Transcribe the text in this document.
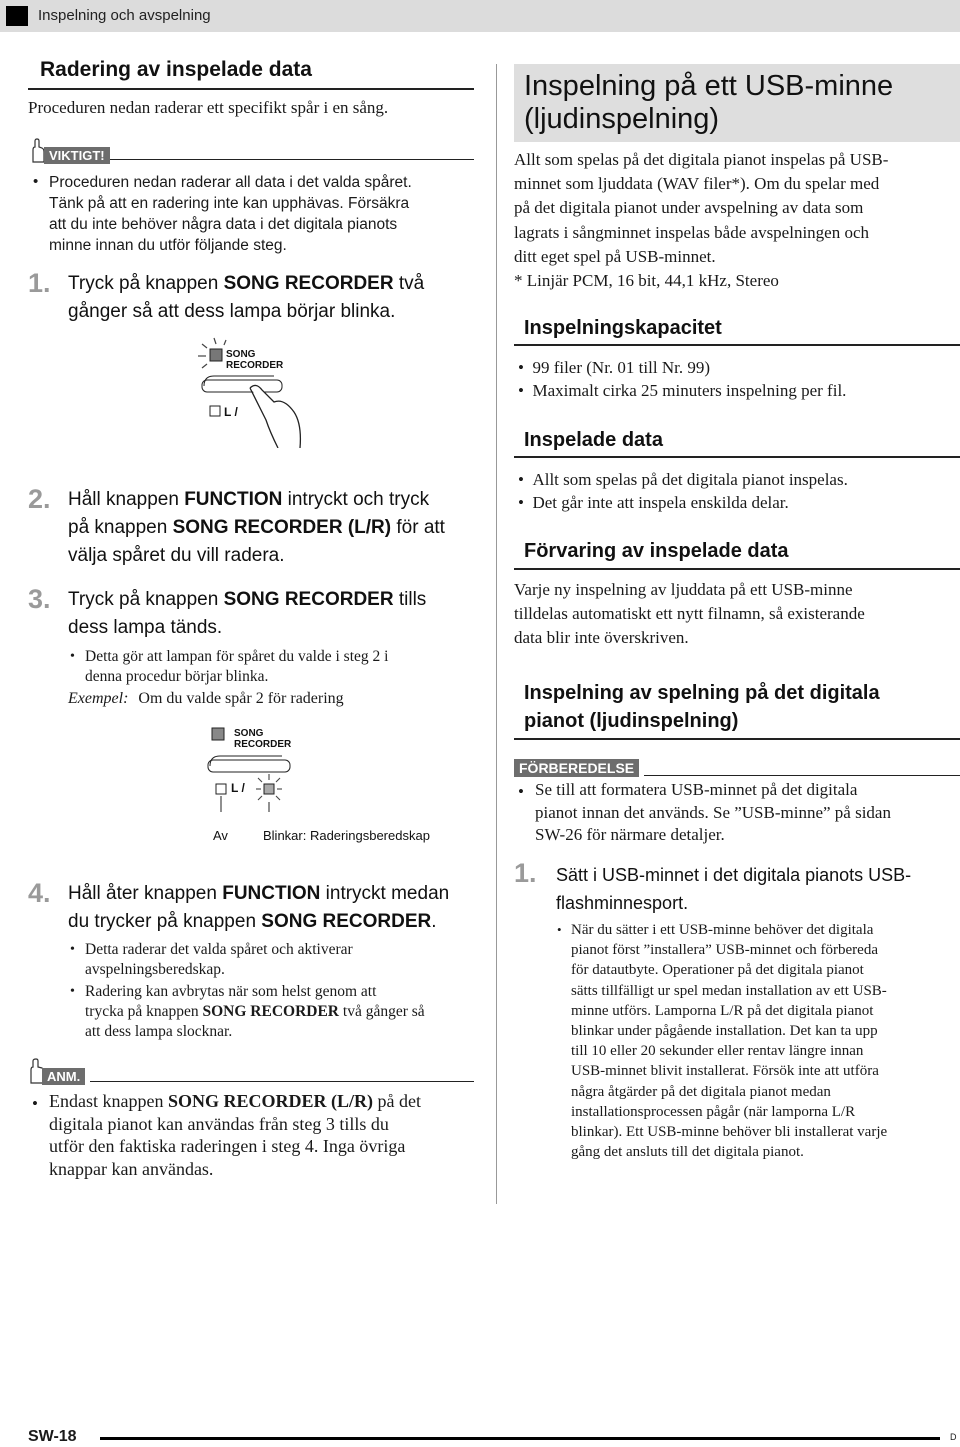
Inspelning och avspelning
Radering av inspelade data
Proceduren nedan raderar ett specifikt spår i en sång.
VIKTIGT!
• Proceduren nedan raderar all data i det valda spåret.
Tänk på att en radering inte kan upphävas. Försäkra
att du inte behöver några data i det digitala pianots
minne innan du utför följande steg.
1. Tryck på knappen SONG RECORDER två
gånger så att dess lampa börjar blinka.
SONG
RECORDER
L /
2. Håll knappen FUNCTION intryckt och tryck
på knappen SONG RECORDER (L/R) för att
välja spåret du vill radera.
3. Tryck på knappen SONG RECORDER tills
dess lampa tänds.
• Detta gör att lampan för spåret du valde i steg 2 i
denna procedur börjar blinka.
Exempel: Om du valde spår 2 för radering
SONG
RECORDER
L /
Av	Blinkar: Raderingsberedskap
4. Håll åter knappen FUNCTION intryckt medan
du trycker på knappen SONG RECORDER.
• Detta raderar det valda spåret och aktiverar
avspelningsberedskap.
• Radering kan avbrytas när som helst genom att
trycka på knappen SONG RECORDER två gånger så
att dess lampa slocknar.
ANM.
• Endast knappen SONG RECORDER (L/R) på det
digitala pianot kan användas från steg 3 tills du
utför den faktiska raderingen i steg 4. Inga övriga
knappar kan användas.
Inspelning på ett USB-minne
(ljudinspelning)
Allt som spelas på det digitala pianot inspelas på USB-
minnet som ljuddata (WAV filer*). Om du spelar med
på det digitala pianot under avspelning av data som
lagrats i sångminnet inspelas både avspelningen och
ditt eget spel på USB-minnet.
* Linjär PCM, 16 bit, 44,1 kHz, Stereo
Inspelningskapacitet
•  99 filer (Nr. 01 till Nr. 99)
•  Maximalt cirka 25 minuters inspelning per fil.
Inspelade data
•  Allt som spelas på det digitala pianot inspelas.
•  Det går inte att inspela enskilda delar.
Förvaring av inspelade data
Varje ny inspelning av ljuddata på ett USB-minne
tilldelas automatiskt ett nytt filnamn, så existerande
data blir inte överskriven.
Inspelning av spelning på det digitala
pianot (ljudinspelning)
FÖRBEREDELSE
• Se till att formatera USB-minnet på det digitala
pianot innan det används. Se ”USB-minne” på sidan
SW-26 för närmare detaljer.
1. Sätt i USB-minnet i det digitala pianots USB-
flashminnesport.
• När du sätter i ett USB-minne behöver det digitala
pianot först ”installera” USB-minnet och förbereda
för datautbyte. Operationer på det digitala pianot
sätts tillfälligt ur spel medan installation av ett USB-
minne utförs. Lamporna L/R på det digitala pianot
blinkar under pågående installation. Det kan ta upp
till 10 eller 20 sekunder eller rentav längre innan
USB-minnet blivit installerat. Försök inte att utföra
några åtgärder på det digitala pianot medan
installationsprocessen pågår (när lamporna L/R
blinkar). Ett USB-minne behöver bli installerat varje
gång det ansluts till det digitala pianot.
SW-18	D
